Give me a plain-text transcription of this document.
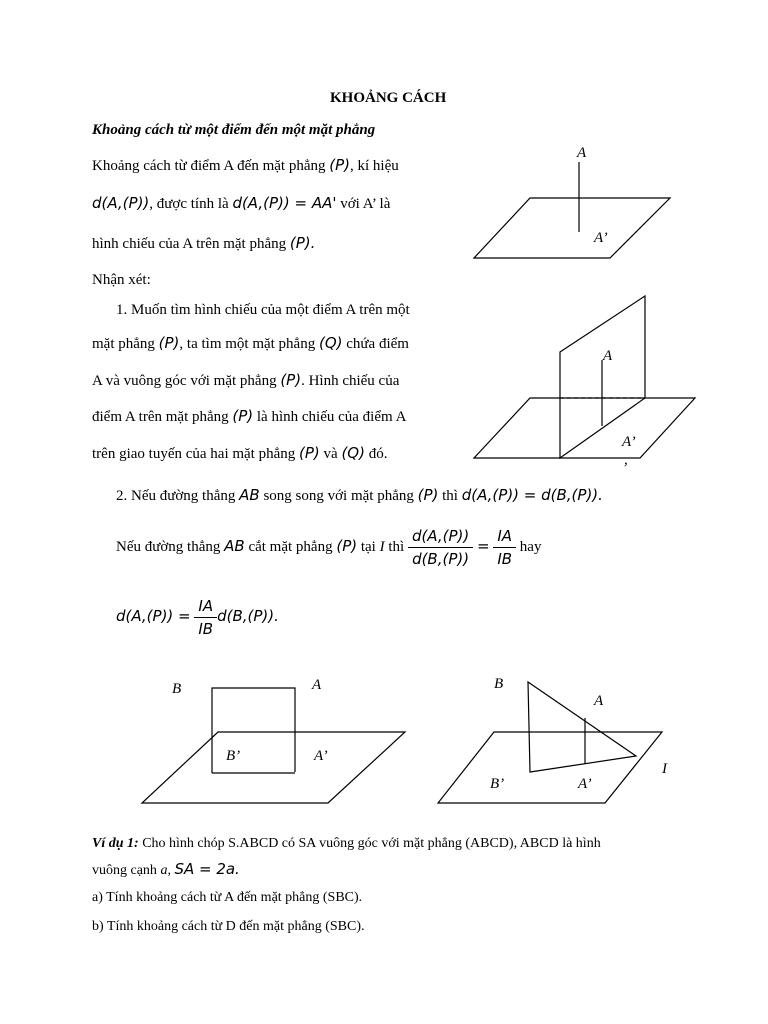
KHOẢNG CÁCH
Khoảng cách từ một điểm đến một mặt phẳng
Khoảng cách từ điểm A đến mặt phẳng (P), kí hiệu
d(A,(P)), được tính là d(A,(P)) = AA' với A’ là
hình chiếu của A trên mặt phẳng (P).
Nhận xét:
1. Muốn tìm hình chiếu của một điểm A trên một
mặt phẳng (P), ta tìm một mặt phẳng (Q) chứa điểm
A và vuông góc với mặt phẳng (P). Hình chiếu của
điểm A trên mặt phẳng (P) là hình chiếu của điểm A
trên giao tuyến của hai mặt phẳng (P) và (Q) đó.
2. Nếu đường thẳng AB song song với mặt phẳng (P) thì d(A,(P)) = d(B,(P)).
Nếu đường thẳng AB cắt mặt phẳng (P) tại I thì $\frac{d(A,(P))}{d(B,(P))} = \frac{IA}{IB}$ hay
$d(A,(P)) = \frac{IA}{IB} d(B,(P))$.
A
A’
A
A’
,
B	A
B’	A’
B
A
I
B’	A’
Ví dụ 1: Cho hình chóp S.ABCD có SA vuông góc với mặt phẳng (ABCD), ABCD là hình
vuông cạnh a, SA = 2a.
a) Tính khoảng cách từ A đến mặt phẳng (SBC).
b) Tính khoảng cách từ D đến mặt phẳng (SBC).
